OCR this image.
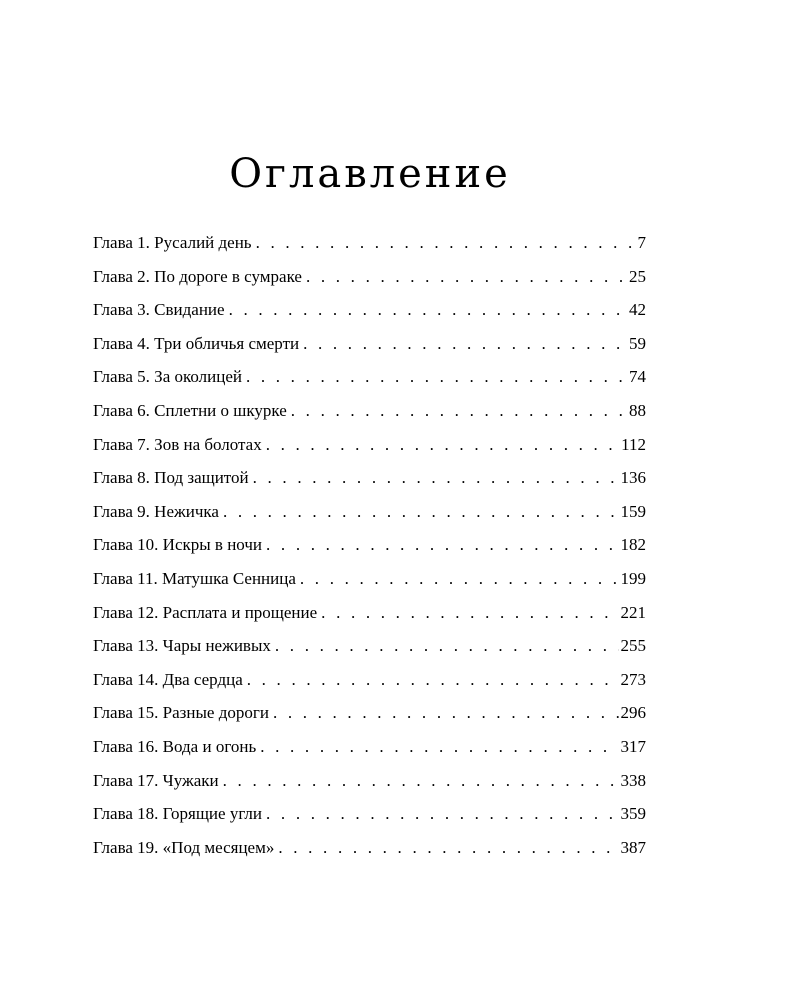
Оглавление
Глава 1. Русалий день . . .	7
Глава 2. По дороге в сумраке . . .	25
Глава 3. Свидание . . .	42
Глава 4. Три обличья смерти . . .	59
Глава 5. За околицей . . .	74
Глава 6. Сплетни о шкурке . . .	88
Глава 7. Зов на болотах . . .	112
Глава 8. Под защитой . . .	136
Глава 9. Нежичка . . .	159
Глава 10. Искры в ночи . . .	182
Глава 11. Матушка Сенница . . .	199
Глава 12. Расплата и прощение . . .	221
Глава 13. Чары неживых . . .	255
Глава 14. Два сердца . . .	273
Глава 15. Разные дороги . . .	296
Глава 16. Вода и огонь . . .	317
Глава 17. Чужаки . . .	338
Глава 18. Горящие угли . . .	359
Глава 19. «Под месяцем» . . .	387
